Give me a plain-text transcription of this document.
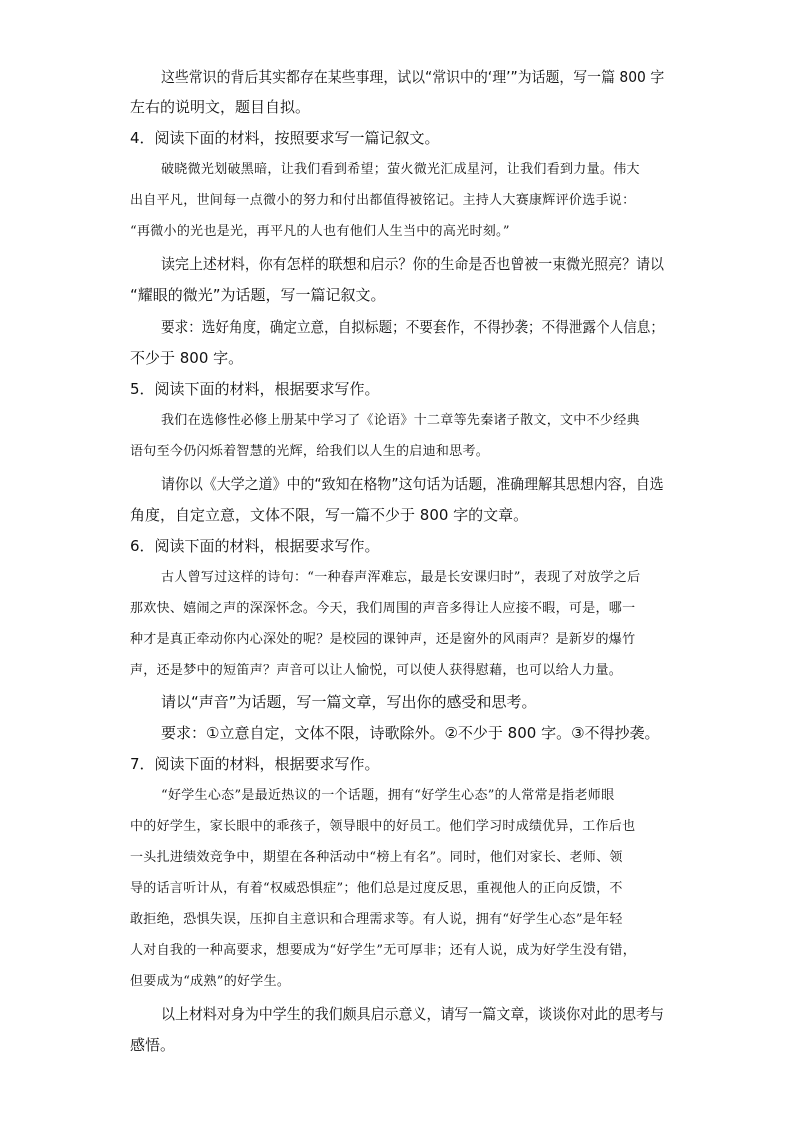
这些常识的背后其实都存在某些事理，试以“常识中的‘理’”为话题，写一篇 800 字
左右的说明文，题目自拟。
4．阅读下面的材料，按照要求写一篇记叙文。
破晓微光划破黑暗，让我们看到希望；萤火微光汇成星河，让我们看到力量。伟大
出自平凡，世间每一点微小的努力和付出都值得被铭记。主持人大赛康辉评价选手说：
“再微小的光也是光，再平凡的人也有他们人生当中的高光时刻。”
读完上述材料，你有怎样的联想和启示？你的生命是否也曾被一束微光照亮？请以
“耀眼的微光”为话题，写一篇记叙文。
要求：选好角度，确定立意，自拟标题；不要套作，不得抄袭；不得泄露个人信息；
不少于 800 字。
5．阅读下面的材料，根据要求写作。
我们在选修性必修上册某中学习了《论语》十二章等先秦诸子散文，文中不少经典
语句至今仍闪烁着智慧的光辉，给我们以人生的启迪和思考。
请你以《大学之道》中的“致知在格物”这句话为话题，准确理解其思想内容，自选
角度，自定立意，文体不限，写一篇不少于 800 字的文章。
6．阅读下面的材料，根据要求写作。
古人曾写过这样的诗句：“一种春声浑难忘，最是长安课归时”，表现了对放学之后
那欢快、嬉闹之声的深深怀念。今天，我们周围的声音多得让人应接不暇，可是，哪一
种才是真正牵动你内心深处的呢？是校园的课钟声，还是窗外的风雨声？是新岁的爆竹
声，还是梦中的短笛声？声音可以让人愉悦，可以使人获得慰藉，也可以给人力量。
请以“声音”为话题，写一篇文章，写出你的感受和思考。
要求：①立意自定，文体不限，诗歌除外。②不少于 800 字。③不得抄袭。
7．阅读下面的材料，根据要求写作。
“好学生心态”是最近热议的一个话题，拥有“好学生心态”的人常常是指老师眼
中的好学生，家长眼中的乖孩子，领导眼中的好员工。他们学习时成绩优异，工作后也
一头扎进绩效竞争中，期望在各种活动中“榜上有名”。同时，他们对家长、老师、领
导的话言听计从，有着“权威恐惧症”；他们总是过度反思，重视他人的正向反馈，不
敢拒绝，恐惧失误，压抑自主意识和合理需求等。有人说，拥有“好学生心态”是年轻
人对自我的一种高要求，想要成为“好学生”无可厚非；还有人说，成为好学生没有错，
但要成为“成熟”的好学生。
以上材料对身为中学生的我们颇具启示意义，请写一篇文章，谈谈你对此的思考与
感悟。
